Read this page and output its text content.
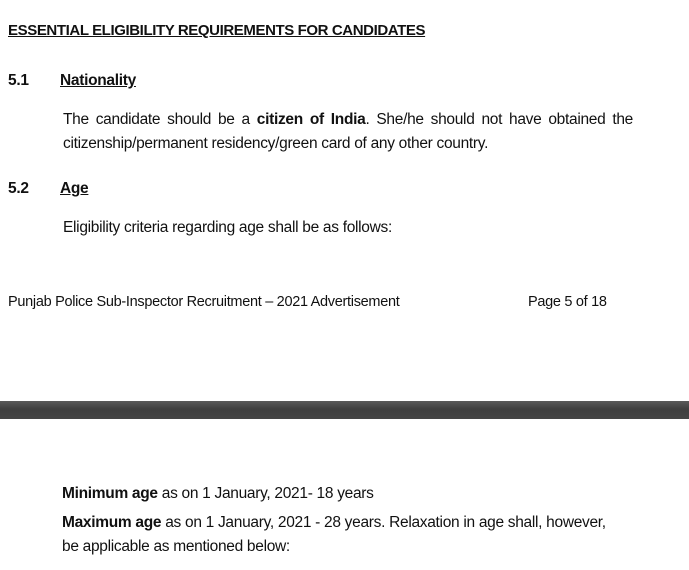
ESSENTIAL ELIGIBILITY REQUIREMENTS FOR CANDIDATES
5.1 Nationality
The candidate should be a citizen of India. She/he should not have obtained the citizenship/permanent residency/green card of any other country.
5.2 Age
Eligibility criteria regarding age shall be as follows:
Punjab Police Sub-Inspector Recruitment – 2021 Advertisement	Page 5 of 18
Minimum age as on 1 January, 2021- 18 years
Maximum age as on 1 January, 2021 - 28 years. Relaxation in age shall, however, be applicable as mentioned below:
